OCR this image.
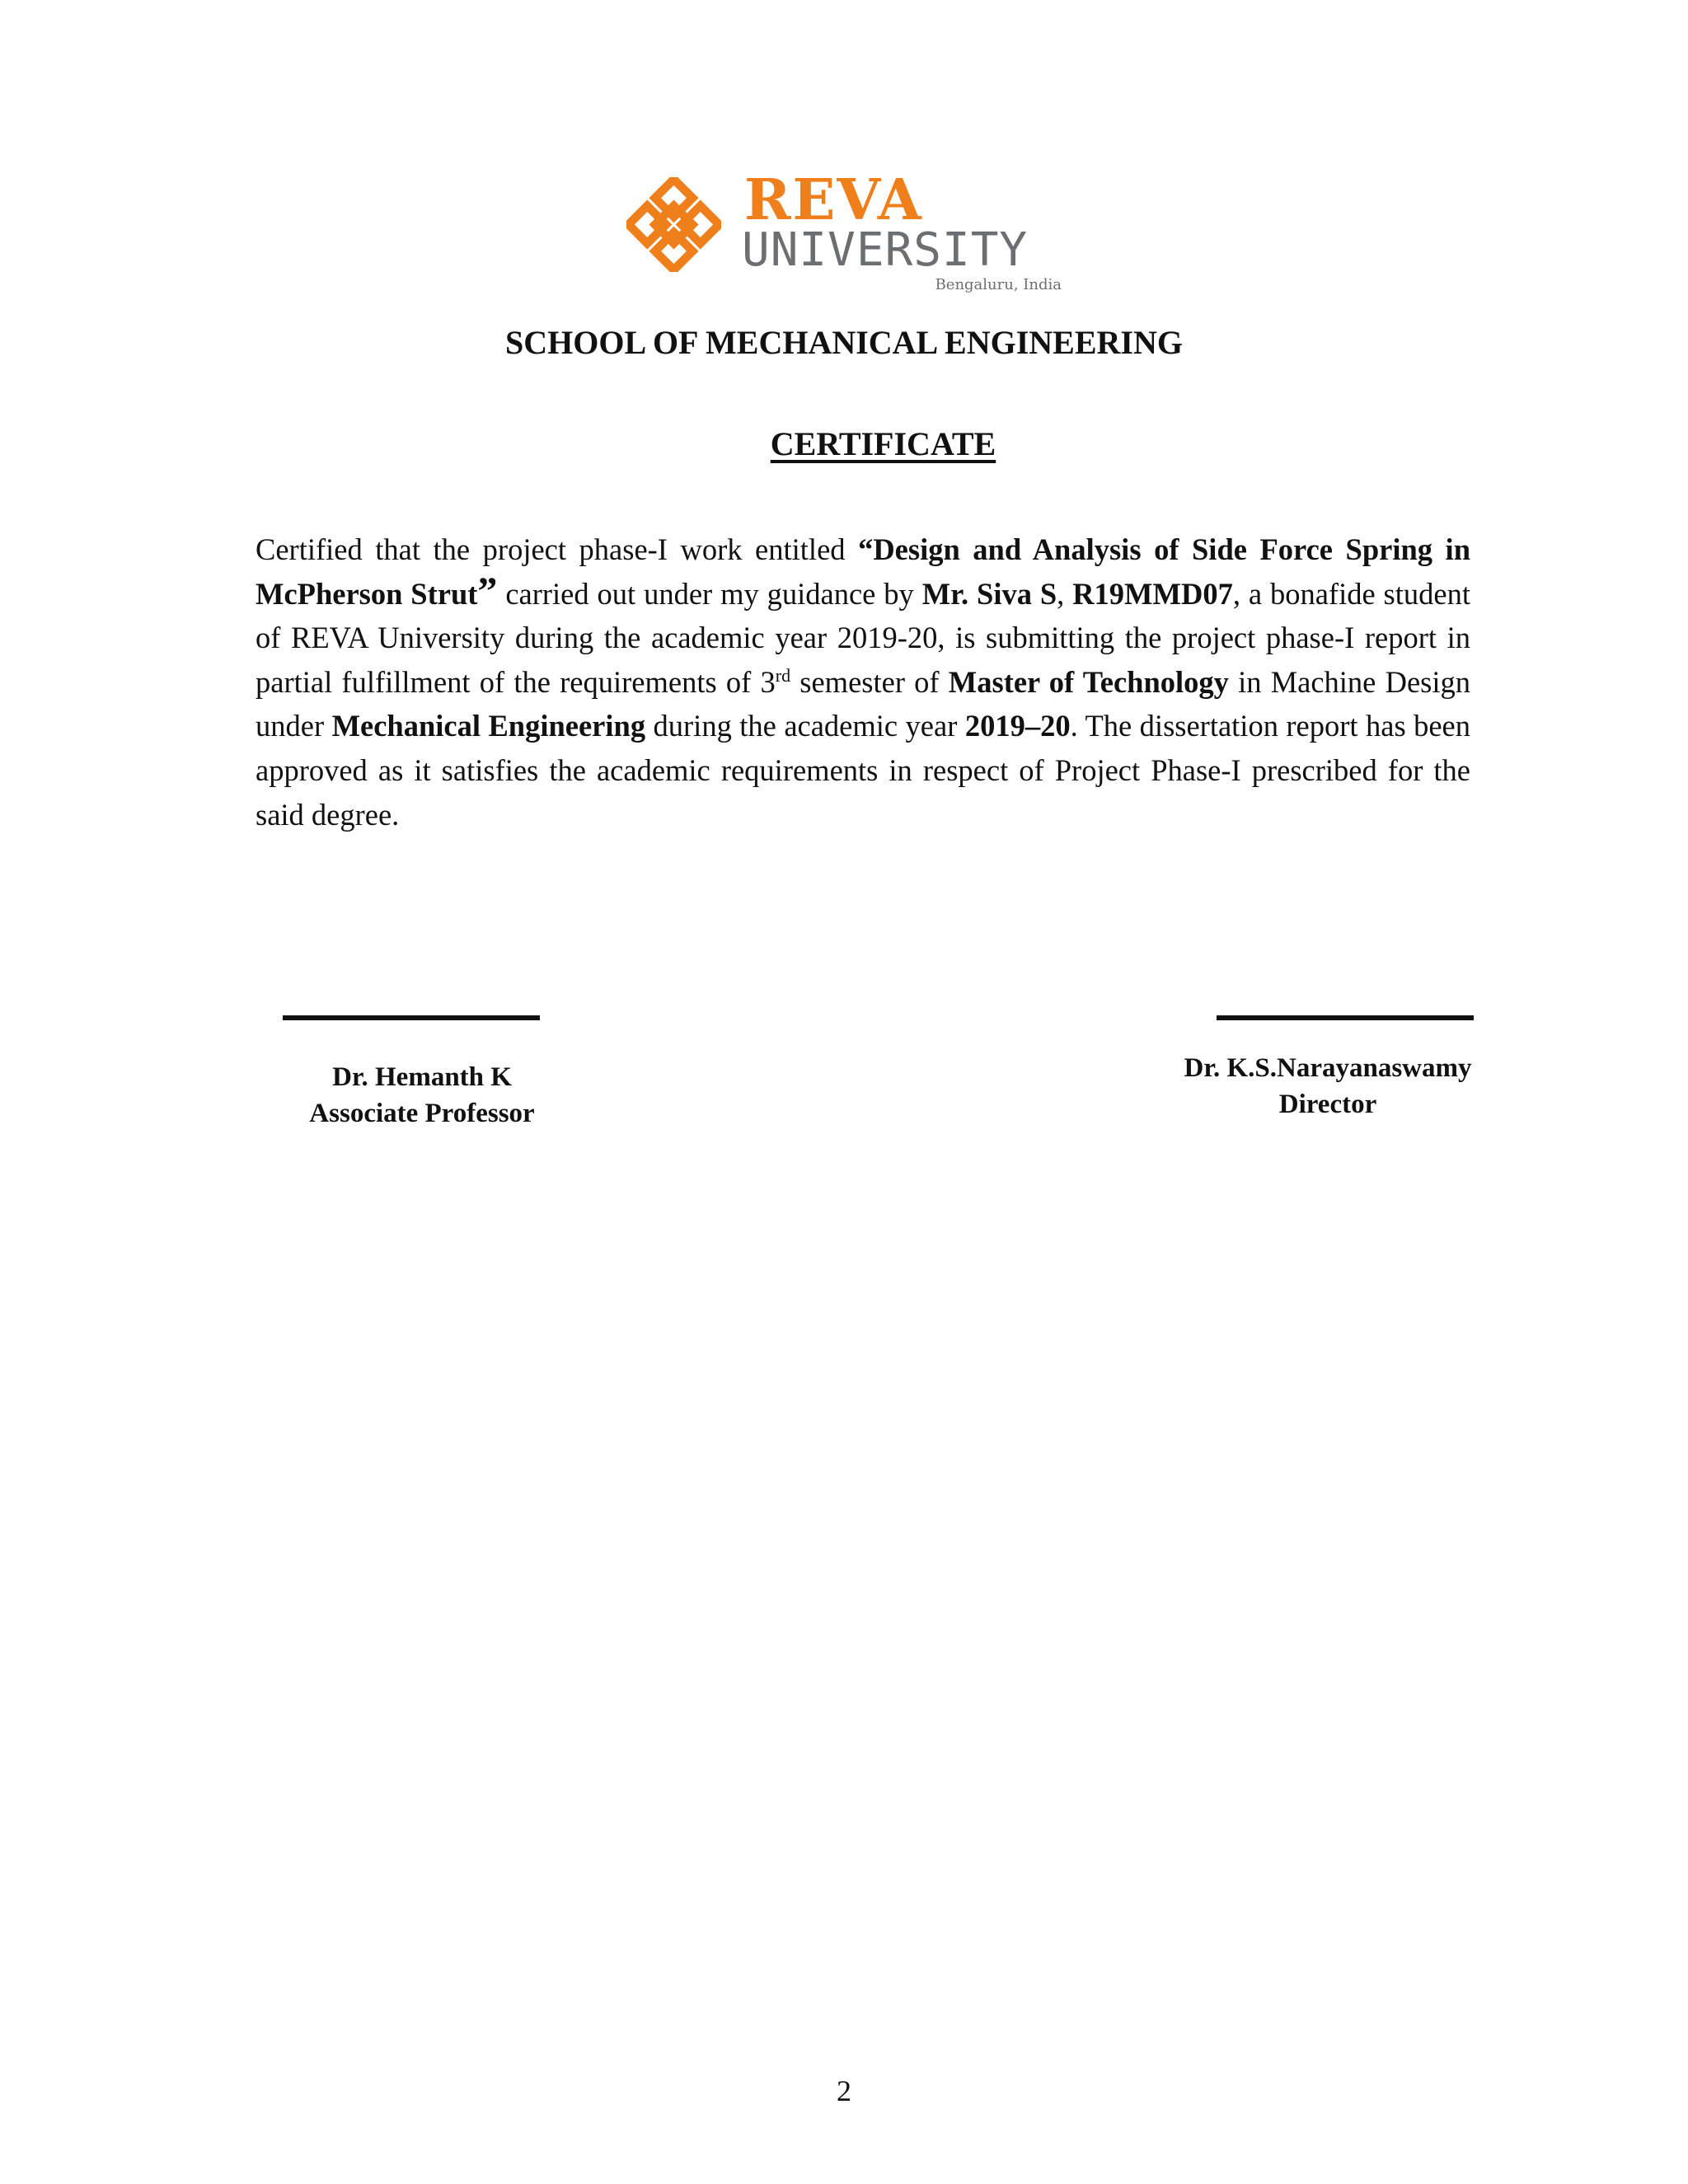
REVA
UNIVERSITY
Bengaluru, India
SCHOOL OF MECHANICAL ENGINEERING
CERTIFICATE

Certified that the project phase-I work entitled “Design and Analysis of Side Force Spring in McPherson Strut” carried out under my guidance by Mr. Siva S, R19MMD07, a bonafide student of REVA University during the academic year 2019-20, is submitting the project phase-I report in partial fulfillment of the requirements of 3rd semester of Master of Technology in Machine Design under Mechanical Engineering during the academic year 2019–20. The dissertation report has been approved as it satisfies the academic requirements in respect of Project Phase-I prescribed for the said degree.

Dr. Hemanth K
Associate Professor
Dr. K.S.Narayanaswamy
Director
2
